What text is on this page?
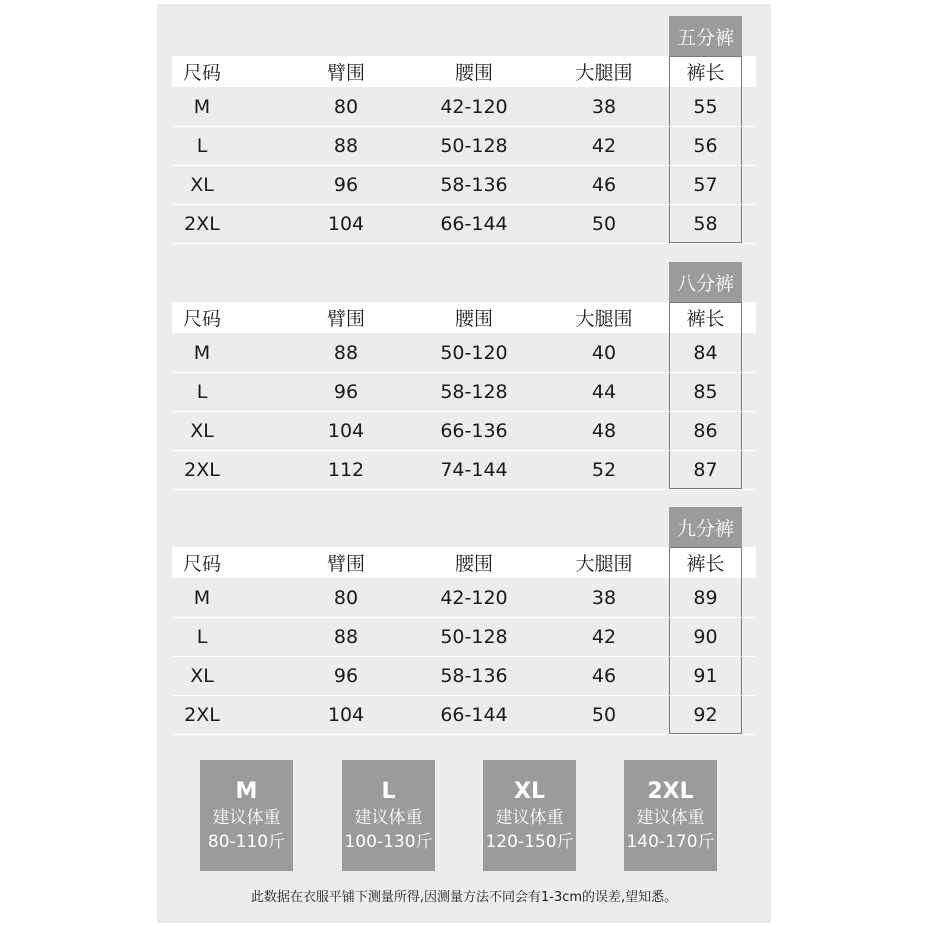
五分裤
尺码	臂围	腰围	大腿围	裤长
M	80	42-120	38	55
L	88	50-128	42	56
XL	96	58-136	46	57
2XL	104	66-144	50	58
八分裤
尺码	臂围	腰围	大腿围	裤长
M	88	50-120	40	84
L	96	58-128	44	85
XL	104	66-136	48	86
2XL	112	74-144	52	87
九分裤
尺码	臂围	腰围	大腿围	裤长
M	80	42-120	38	89
L	88	50-128	42	90
XL	96	58-136	46	91
2XL	104	66-144	50	92
M
建议体重
80-110斤
L
建议体重
100-130斤
XL
建议体重
120-150斤
2XL
建议体重
140-170斤
此数据在衣服平铺下测量所得,因测量方法不同会有1-3cm的误差,望知悉。
